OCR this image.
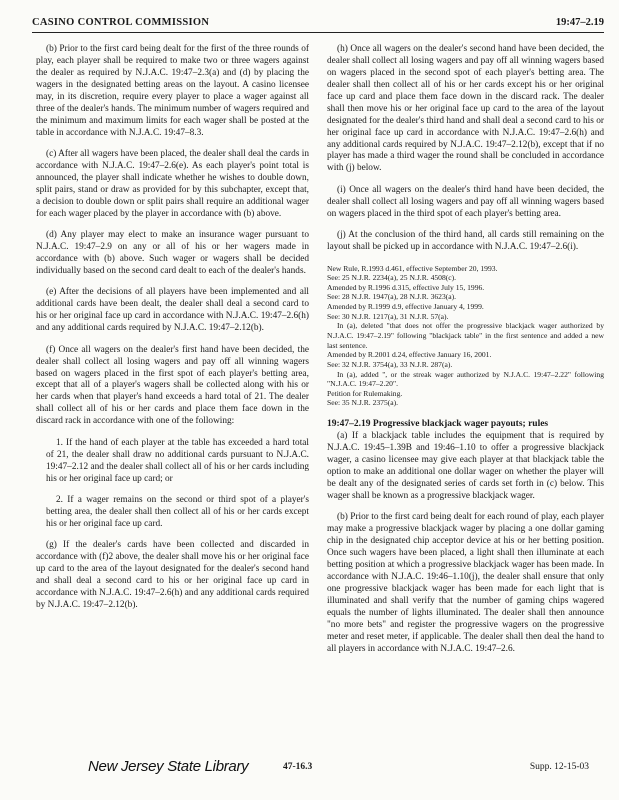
CASINO CONTROL COMMISSION	19:47–2.19

(b) Prior to the first card being dealt for the first of the three rounds of play, each player shall be required to make two or three wagers against the dealer as required by N.J.A.C. 19:47–2.3(a) and (d) by placing the wagers in the designated betting areas on the layout. A casino licensee may, in its discretion, require every player to place a wager against all three of the dealer's hands. The minimum number of wagers required and the minimum and maximum limits for each wager shall be posted at the table in accordance with N.J.A.C. 19:47–8.3.

(c) After all wagers have been placed, the dealer shall deal the cards in accordance with N.J.A.C. 19:47–2.6(e). As each player's point total is announced, the player shall indicate whether he wishes to double down, split pairs, stand or draw as provided for by this subchapter, except that, a decision to double down or split pairs shall require an additional wager for each wager placed by the player in accordance with (b) above.

(d) Any player may elect to make an insurance wager pursuant to N.J.A.C. 19:47–2.9 on any or all of his or her wagers made in accordance with (b) above. Such wager or wagers shall be decided individually based on the second card dealt to each of the dealer's hands.

(e) After the decisions of all players have been implemented and all additional cards have been dealt, the dealer shall deal a second card to his or her original face up card in accordance with N.J.A.C. 19:47–2.6(h) and any additional cards required by N.J.A.C. 19:47–2.12(b).

(f) Once all wagers on the dealer's first hand have been decided, the dealer shall collect all losing wagers and pay off all winning wagers based on wagers placed in the first spot of each player's betting area, except that all of a player's wagers shall be collected along with his or her cards when that player's hand exceeds a hard total of 21. The dealer shall collect all of his or her cards and place them face down in the discard rack in accordance with one of the following:

1. If the hand of each player at the table has exceeded a hard total of 21, the dealer shall draw no additional cards pursuant to N.J.A.C. 19:47–2.12 and the dealer shall collect all of his or her cards including his or her original face up card; or

2. If a wager remains on the second or third spot of a player's betting area, the dealer shall then collect all of his or her cards except his or her original face up card.

(g) If the dealer's cards have been collected and discarded in accordance with (f)2 above, the dealer shall move his or her original face up card to the area of the layout designated for the dealer's second hand and shall deal a second card to his or her original face up card in accordance with N.J.A.C. 19:47–2.6(h) and any additional cards required by N.J.A.C. 19:47–2.12(b).

(h) Once all wagers on the dealer's second hand have been decided, the dealer shall collect all losing wagers and pay off all winning wagers based on wagers placed in the second spot of each player's betting area. The dealer shall then collect all of his or her cards except his or her original face up card and place them face down in the discard rack. The dealer shall then move his or her original face up card to the area of the layout designated for the dealer's third hand and shall deal a second card to his or her original face up card in accordance with N.J.A.C. 19:47–2.6(h) and any additional cards required by N.J.A.C. 19:47–2.12(b), except that if no player has made a third wager the round shall be concluded in accordance with (j) below.

(i) Once all wagers on the dealer's third hand have been decided, the dealer shall collect all losing wagers and pay off all winning wagers based on wagers placed in the third spot of each player's betting area.

(j) At the conclusion of the third hand, all cards still remaining on the layout shall be picked up in accordance with N.J.A.C. 19:47–2.6(i).

New Rule, R.1993 d.461, effective September 20, 1993.
See: 25 N.J.R. 2234(a), 25 N.J.R. 4508(c).
Amended by R.1996 d.315, effective July 15, 1996.
See: 28 N.J.R. 1947(a), 28 N.J.R. 3623(a).
Amended by R.1999 d.9, effective January 4, 1999.
See: 30 N.J.R. 1217(a), 31 N.J.R. 57(a).
In (a), deleted "that does not offer the progressive blackjack wager authorized by N.J.A.C. 19:47–2.19" following "blackjack table" in the first sentence and added a new last sentence.
Amended by R.2001 d.24, effective January 16, 2001.
See: 32 N.J.R. 3754(a), 33 N.J.R. 287(a).
In (a), added ", or the streak wager authorized by N.J.A.C. 19:47–2.22" following "N.J.A.C. 19:47–2.20".
Petition for Rulemaking.
See: 35 N.J.R. 2375(a).
19:47–2.19 Progressive blackjack wager payouts; rules

(a) If a blackjack table includes the equipment that is required by N.J.A.C. 19:45–1.39B and 19:46–1.10 to offer a progressive blackjack wager, a casino licensee may give each player at that blackjack table the option to make an additional one dollar wager on whether the player will be dealt any of the designated series of cards set forth in (c) below. This wager shall be known as a progressive blackjack wager.

(b) Prior to the first card being dealt for each round of play, each player may make a progressive blackjack wager by placing a one dollar gaming chip in the designated chip acceptor device at his or her betting position. Once such wagers have been placed, a light shall then illuminate at each betting position at which a progressive blackjack wager has been made. In accordance with N.J.A.C. 19:46–1.10(j), the dealer shall ensure that only one progressive blackjack wager has been made for each light that is illuminated and shall verify that the number of gaming chips wagered equals the number of lights illuminated. The dealer shall then announce "no more bets" and register the progressive wagers on the progressive meter and reset meter, if applicable. The dealer shall then deal the hand to all players in accordance with N.J.A.C. 19:47–2.6.

New Jersey State Library	47-16.3	Supp. 12-15-03
